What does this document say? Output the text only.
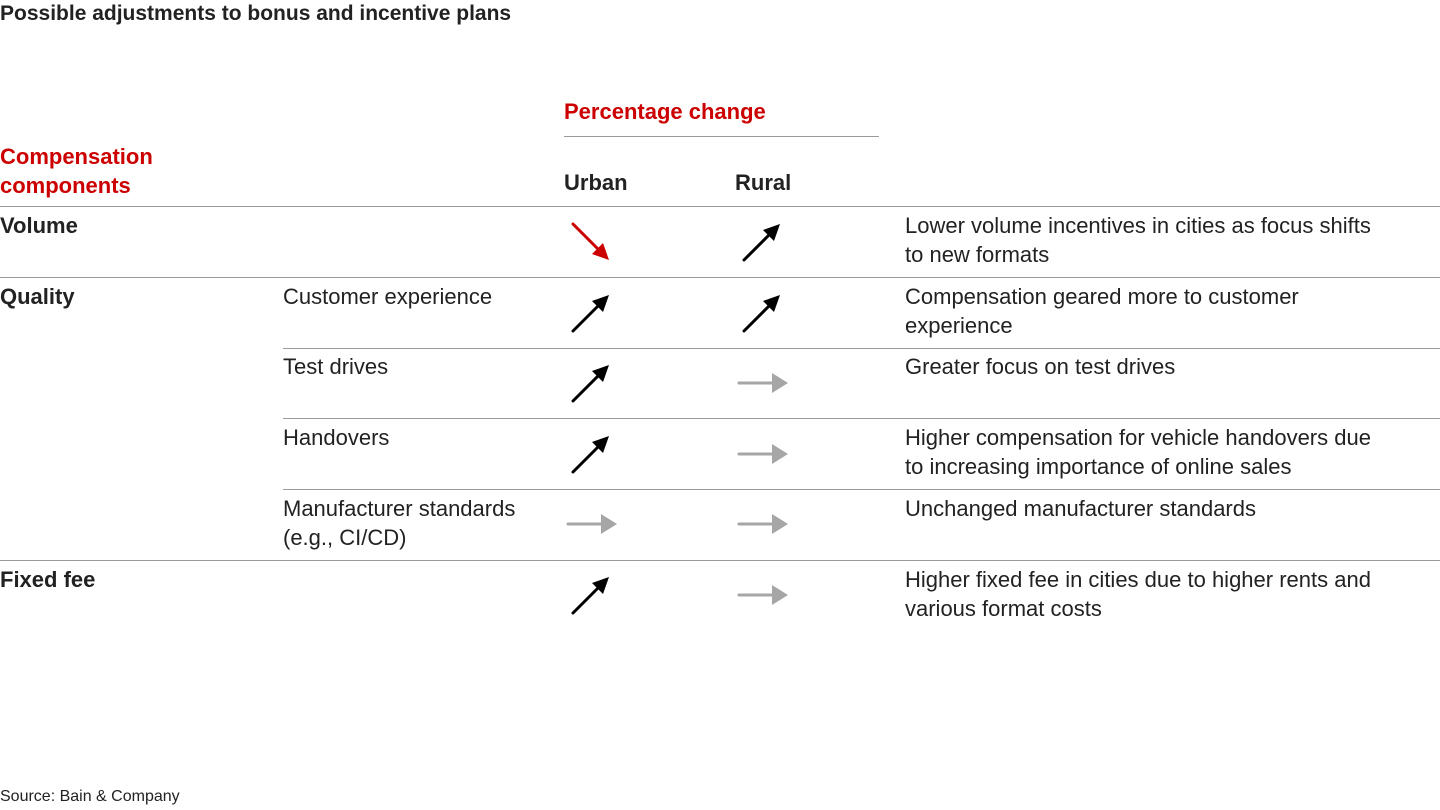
Possible adjustments to bonus and incentive plans
Percentage change
Compensation components	Urban	Rural
Volume
Quality
Fixed fee
Customer experience
Test drives
Handovers
Manufacturer standards (e.g., CI/CD)
Lower volume incentives in cities as focus shifts to new formats
Compensation geared more to customer experience
Greater focus on test drives
Higher compensation for vehicle handovers due to increasing importance of online sales
Unchanged manufacturer standards
Higher fixed fee in cities due to higher rents and various format costs
Source: Bain & Company
